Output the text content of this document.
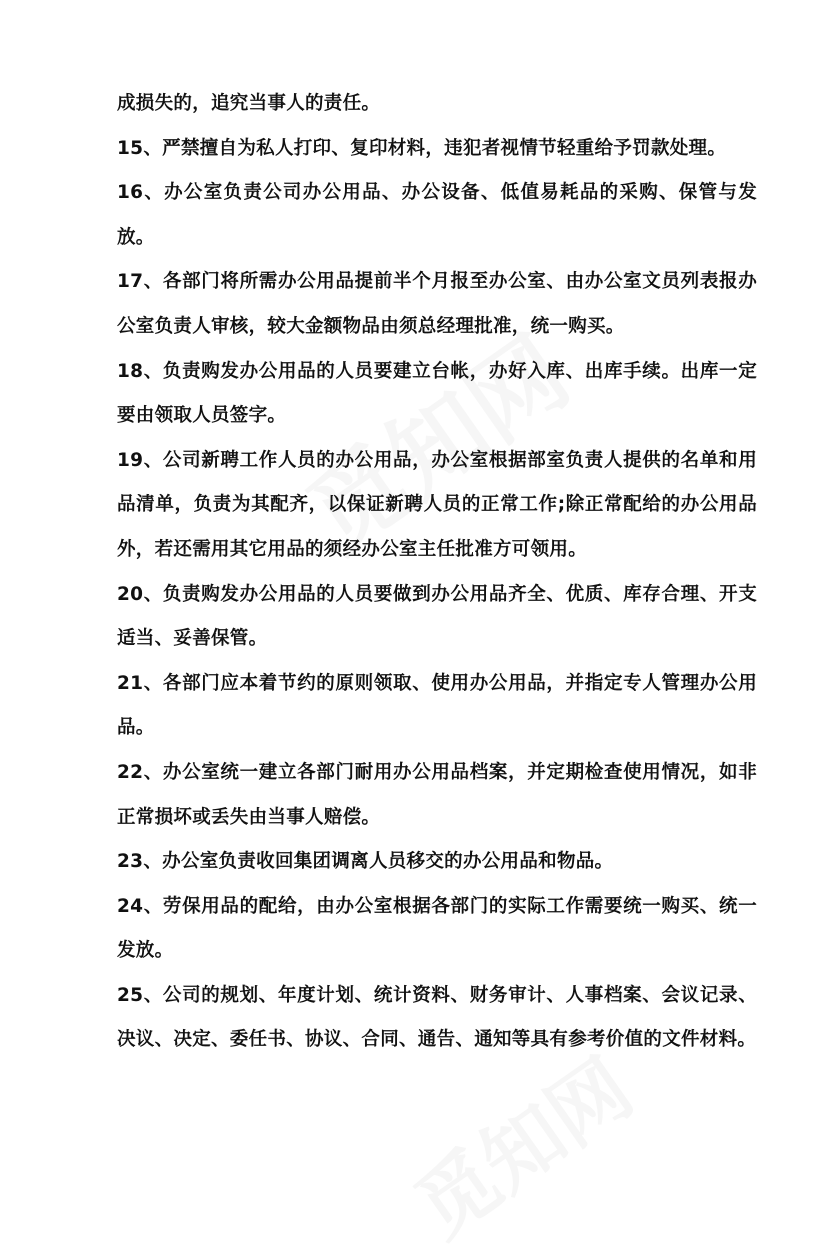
成损失的，追究当事人的责任。

15、严禁擅自为私人打印、复印材料，违犯者视情节轻重给予罚款处理。

16、办公室负责公司办公用品、办公设备、低值易耗品的采购、保管与发放。

17、各部门将所需办公用品提前半个月报至办公室、由办公室文员列表报办公室负责人审核，较大金额物品由须总经理批准，统一购买。

18、负责购发办公用品的人员要建立台帐，办好入库、出库手续。出库一定要由领取人员签字。

19、公司新聘工作人员的办公用品，办公室根据部室负责人提供的名单和用品清单，负责为其配齐，以保证新聘人员的正常工作;除正常配给的办公用品外，若还需用其它用品的须经办公室主任批准方可领用。

20、负责购发办公用品的人员要做到办公用品齐全、优质、库存合理、开支适当、妥善保管。

21、各部门应本着节约的原则领取、使用办公用品，并指定专人管理办公用品。

22、办公室统一建立各部门耐用办公用品档案，并定期检查使用情况，如非正常损坏或丢失由当事人赔偿。

23、办公室负责收回集团调离人员移交的办公用品和物品。

24、劳保用品的配给，由办公室根据各部门的实际工作需要统一购买、统一发放。

25、公司的规划、年度计划、统计资料、财务审计、人事档案、会议记录、决议、决定、委任书、协议、合同、通告、通知等具有参考价值的文件材料。
